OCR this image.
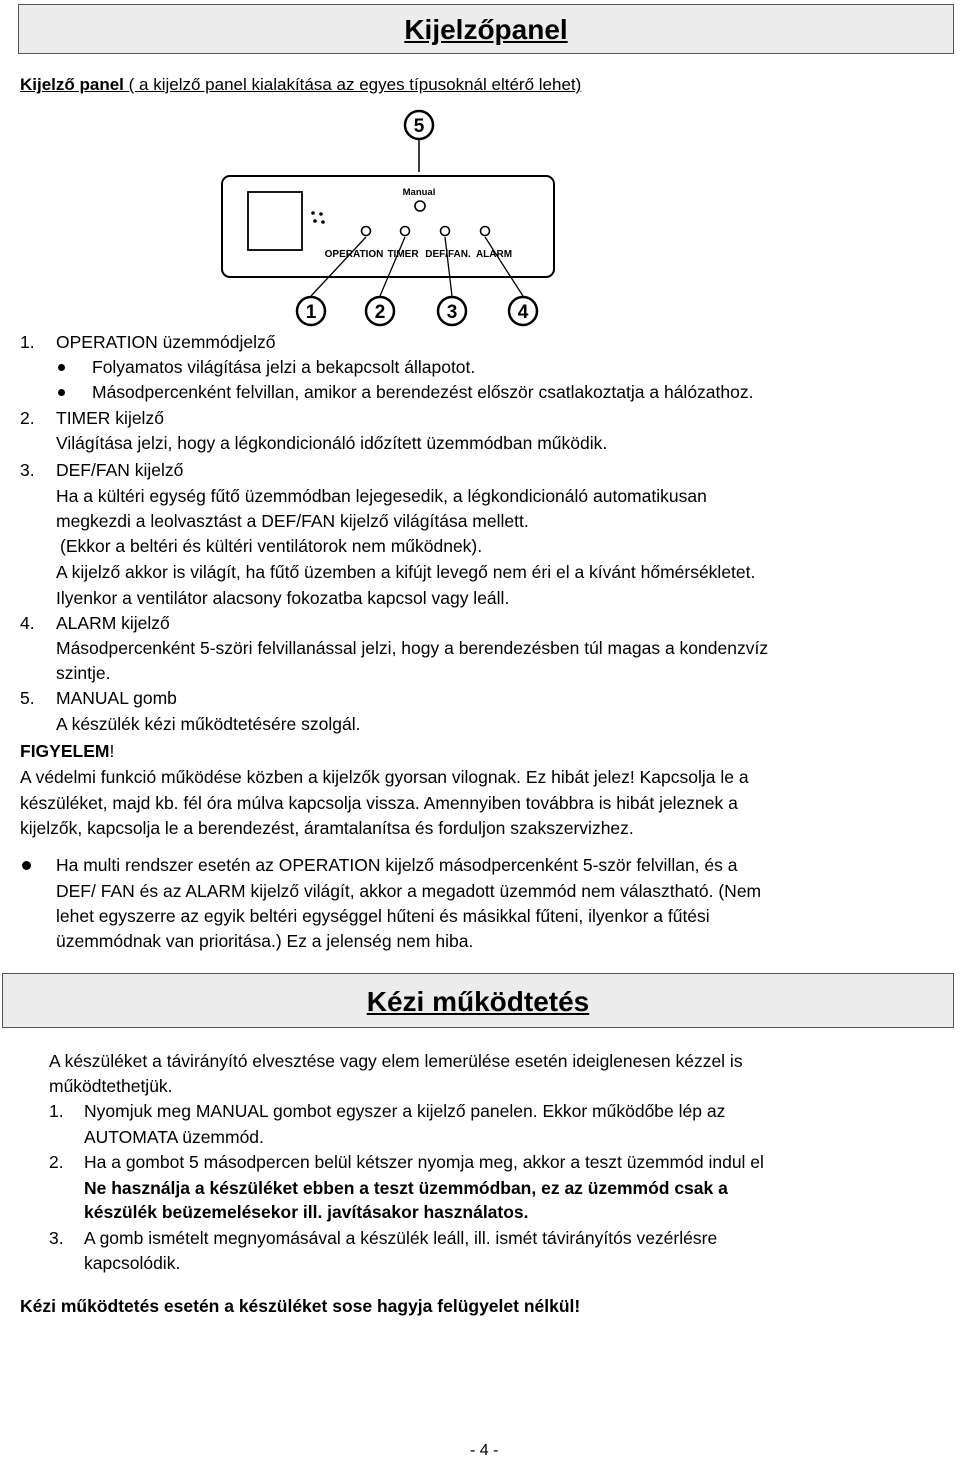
Kijelzőpanel
Kijelző panel ( a kijelző panel kialakítása az egyes típusoknál eltérő lehet)
5
Manual
OPERATION TIMER DEF/FAN. ALARM
1	2	3	4
1. OPERATION üzemmódjelző
Folyamatos világítása jelzi a bekapcsolt állapotot.
Másodpercenként felvillan, amikor a berendezést először csatlakoztatja a hálózathoz.
2. TIMER kijelző
Világítása jelzi, hogy a légkondicionáló időzített üzemmódban működik.
3. DEF/FAN kijelző
Ha a kültéri egység fűtő üzemmódban lejegesedik, a légkondicionáló automatikusan
megkezdi a leolvasztást a DEF/FAN kijelző világítása mellett.
(Ekkor a beltéri és kültéri ventilátorok nem működnek).
A kijelző akkor is világít, ha fűtő üzemben a kifújt levegő nem éri el a kívánt hőmérsékletet.
Ilyenkor a ventilátor alacsony fokozatba kapcsol vagy leáll.
4. ALARM kijelző
Másodpercenként 5-szöri felvillanással jelzi, hogy a berendezésben túl magas a kondenzvíz
szintje.
5. MANUAL gomb
A készülék kézi működtetésére szolgál.
FIGYELEM!
A védelmi funkció működése közben a kijelzők gyorsan vilognak. Ez hibát jelez! Kapcsolja le a
készüléket, majd kb. fél óra múlva kapcsolja vissza. Amennyiben továbbra is hibát jeleznek a
kijelzők, kapcsolja le a berendezést, áramtalanítsa és forduljon szakszervizhez.
Ha multi rendszer esetén az OPERATION kijelző másodpercenként 5-ször felvillan, és a
DEF/ FAN és az ALARM kijelző világít, akkor a megadott üzemmód nem választható. (Nem
lehet egyszerre az egyik beltéri egységgel hűteni és másikkal fűteni, ilyenkor a fűtési
üzemmódnak van prioritása.) Ez a jelenség nem hiba.
Kézi működtetés
A készüléket a távirányító elvesztése vagy elem lemerülése esetén ideiglenesen kézzel is
működtethetjük.
1. Nyomjuk meg MANUAL gombot egyszer a kijelző panelen. Ekkor működőbe lép az
AUTOMATA üzemmód.
2. Ha a gombot 5 másodpercen belül kétszer nyomja meg, akkor a teszt üzemmód indul el
Ne használja a készüléket ebben a teszt üzemmódban, ez az üzemmód csak a
készülék beüzemelésekor ill. javításakor használatos.
3. A gomb ismételt megnyomásával a készülék leáll, ill. ismét távirányítós vezérlésre
kapcsolódik.
Kézi működtetés esetén a készüléket sose hagyja felügyelet nélkül!
- 4 -
